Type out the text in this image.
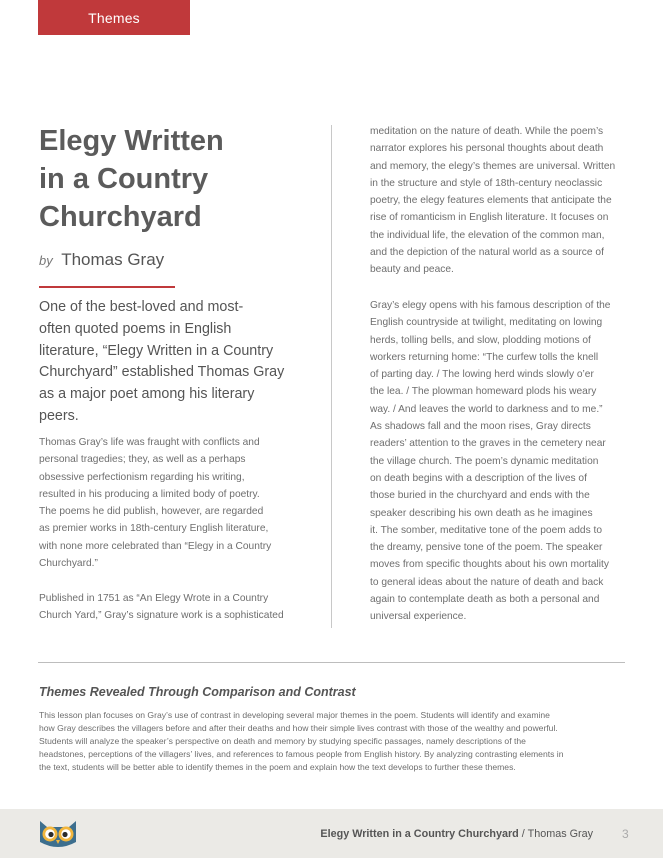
Themes
Elegy Written
in a Country
Churchyard
by Thomas Gray
One of the best-loved and most-
often quoted poems in English
literature, “Elegy Written in a Country
Churchyard” established Thomas Gray
as a major poet among his literary
peers.
Thomas Gray’s life was fraught with conflicts and
personal tragedies; they, as well as a perhaps
obsessive perfectionism regarding his writing,
resulted in his producing a limited body of poetry.
The poems he did publish, however, are regarded
as premier works in 18th-century English literature,
with none more celebrated than “Elegy in a Country
Churchyard.”
Published in 1751 as “An Elegy Wrote in a Country
Church Yard,” Gray’s signature work is a sophisticated
meditation on the nature of death. While the poem’s
narrator explores his personal thoughts about death
and memory, the elegy’s themes are universal. Written
in the structure and style of 18th-century neoclassic
poetry, the elegy features elements that anticipate the
rise of romanticism in English literature. It focuses on
the individual life, the elevation of the common man,
and the depiction of the natural world as a source of
beauty and peace.
Gray’s elegy opens with his famous description of the
English countryside at twilight, meditating on lowing
herds, tolling bells, and slow, plodding motions of
workers returning home: “The curfew tolls the knell
of parting day. / The lowing herd winds slowly o’er
the lea. / The plowman homeward plods his weary
way. / And leaves the world to darkness and to me.”
As shadows fall and the moon rises, Gray directs
readers’ attention to the graves in the cemetery near
the village church. The poem’s dynamic meditation
on death begins with a description of the lives of
those buried in the churchyard and ends with the
speaker describing his own death as he imagines
it. The somber, meditative tone of the poem adds to
the dreamy, pensive tone of the poem. The speaker
moves from specific thoughts about his own mortality
to general ideas about the nature of death and back
again to contemplate death as both a personal and
universal experience.
Themes Revealed Through Comparison and Contrast
This lesson plan focuses on Gray’s use of contrast in developing several major themes in the poem. Students will identify and examine
how Gray describes the villagers before and after their deaths and how their simple lives contrast with those of the wealthy and powerful.
Students will analyze the speaker’s perspective on death and memory by studying specific passages, namely descriptions of the
headstones, perceptions of the villagers’ lives, and references to famous people from English history. By analyzing contrasting elements in
the text, students will be better able to identify themes in the poem and explain how the text develops to further these themes.
Elegy Written in a Country Churchyard / Thomas Gray 3
